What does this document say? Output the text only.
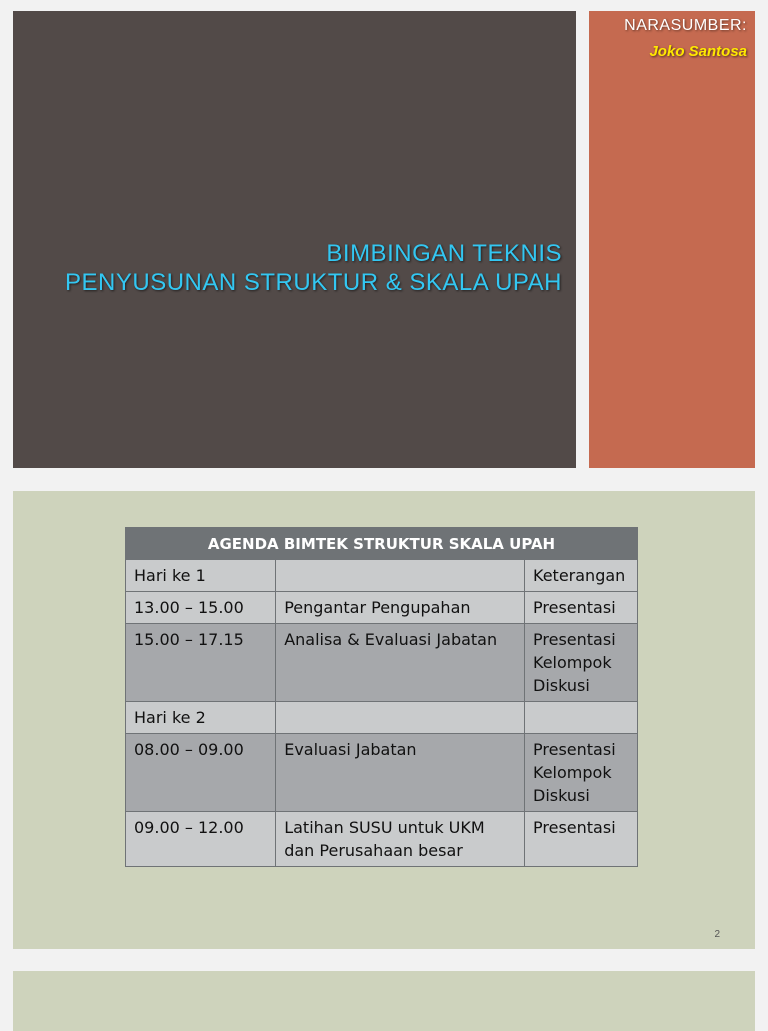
BIMBINGAN TEKNIS
PENYUSUNAN STRUKTUR & SKALA UPAH
NARASUMBER:
Joko Santosa
AGENDA BIMTEK STRUKTUR SKALA UPAH		
Hari ke 1		Keterangan
13.00 – 15.00	Pengantar Pengupahan	Presentasi
15.00 – 17.15	Analisa & Evaluasi Jabatan	Presentasi Kelompok Diskusi
Hari ke 2		
08.00 – 09.00	Evaluasi Jabatan	Presentasi Kelompok Diskusi
09.00 – 12.00	Latihan SUSU untuk UKM dan Perusahaan besar	Presentasi
2
